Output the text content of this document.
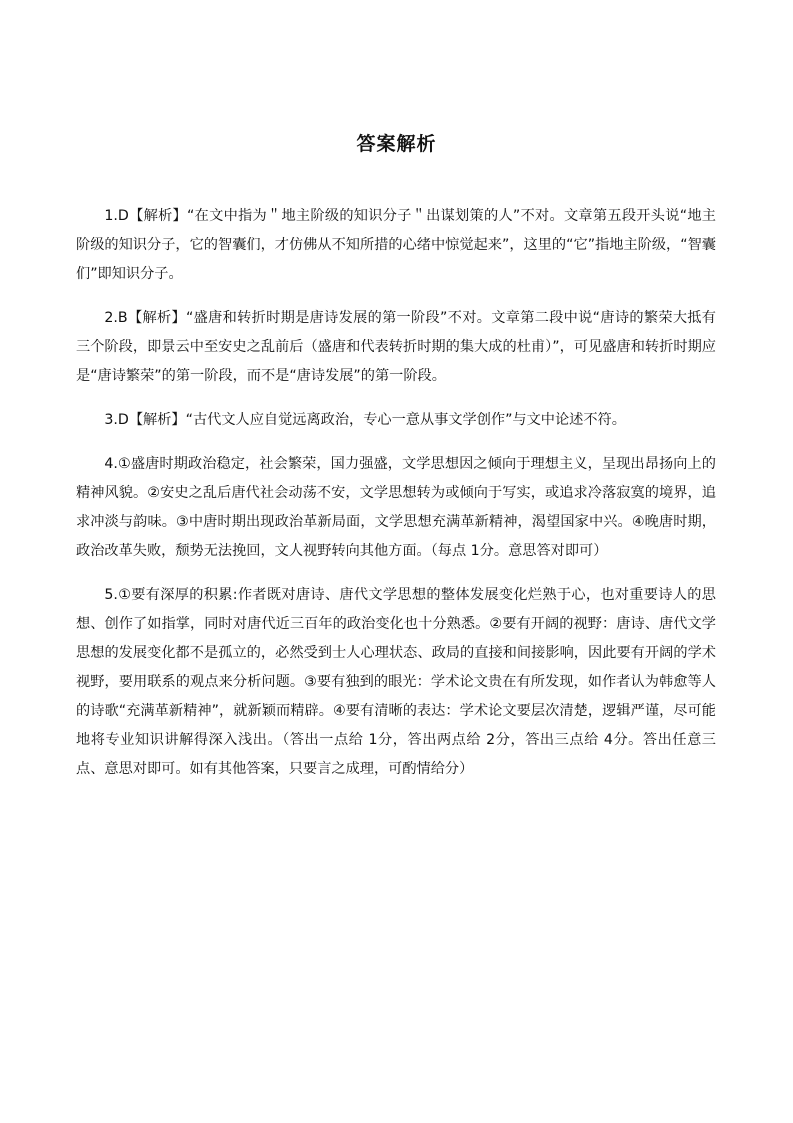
答案解析

1.D【解析】“在文中指为＂地主阶级的知识分子＂出谋划策的人”不对。文章第五段开头说“地主阶级的知识分子，它的智囊们，才仿佛从不知所措的心绪中惊觉起来”，这里的“它”指地主阶级，“智囊们”即知识分子。

2.B【解析】“盛唐和转折时期是唐诗发展的第一阶段”不对。文章第二段中说“唐诗的繁荣大抵有三个阶段，即景云中至安史之乱前后（盛唐和代表转折时期的集大成的杜甫）”，可见盛唐和转折时期应是“唐诗繁荣”的第一阶段，而不是“唐诗发展”的第一阶段。

3.D【解析】“古代文人应自觉远离政治，专心一意从事文学创作”与文中论述不符。

4.①盛唐时期政治稳定，社会繁荣，国力强盛，文学思想因之倾向于理想主义，呈现出昂扬向上的精神风貌。②安史之乱后唐代社会动荡不安，文学思想转为或倾向于写实，或追求冷落寂寞的境界，追求冲淡与韵味。③中唐时期出现政治革新局面，文学思想充满革新精神，渴望国家中兴。④晚唐时期，政治改革失败，颓势无法挽回，文人视野转向其他方面。（每点 1分。意思答对即可）

5.①要有深厚的积累:作者既对唐诗、唐代文学思想的整体发展变化烂熟于心，也对重要诗人的思想、创作了如指掌，同时对唐代近三百年的政治变化也十分熟悉。②要有开阔的视野：唐诗、唐代文学思想的发展变化都不是孤立的，必然受到士人心理状态、政局的直接和间接影响，因此要有开阔的学术视野，要用联系的观点来分析问题。③要有独到的眼光：学术论文贵在有所发现，如作者认为韩愈等人的诗歌“充满革新精神”，就新颖而精辟。④要有清晰的表达：学术论文要层次清楚，逻辑严谨，尽可能地将专业知识讲解得深入浅出。（答出一点给 1分，答出两点给 2分，答出三点给 4分。答出任意三点、意思对即可。如有其他答案，只要言之成理，可酌情给分）
